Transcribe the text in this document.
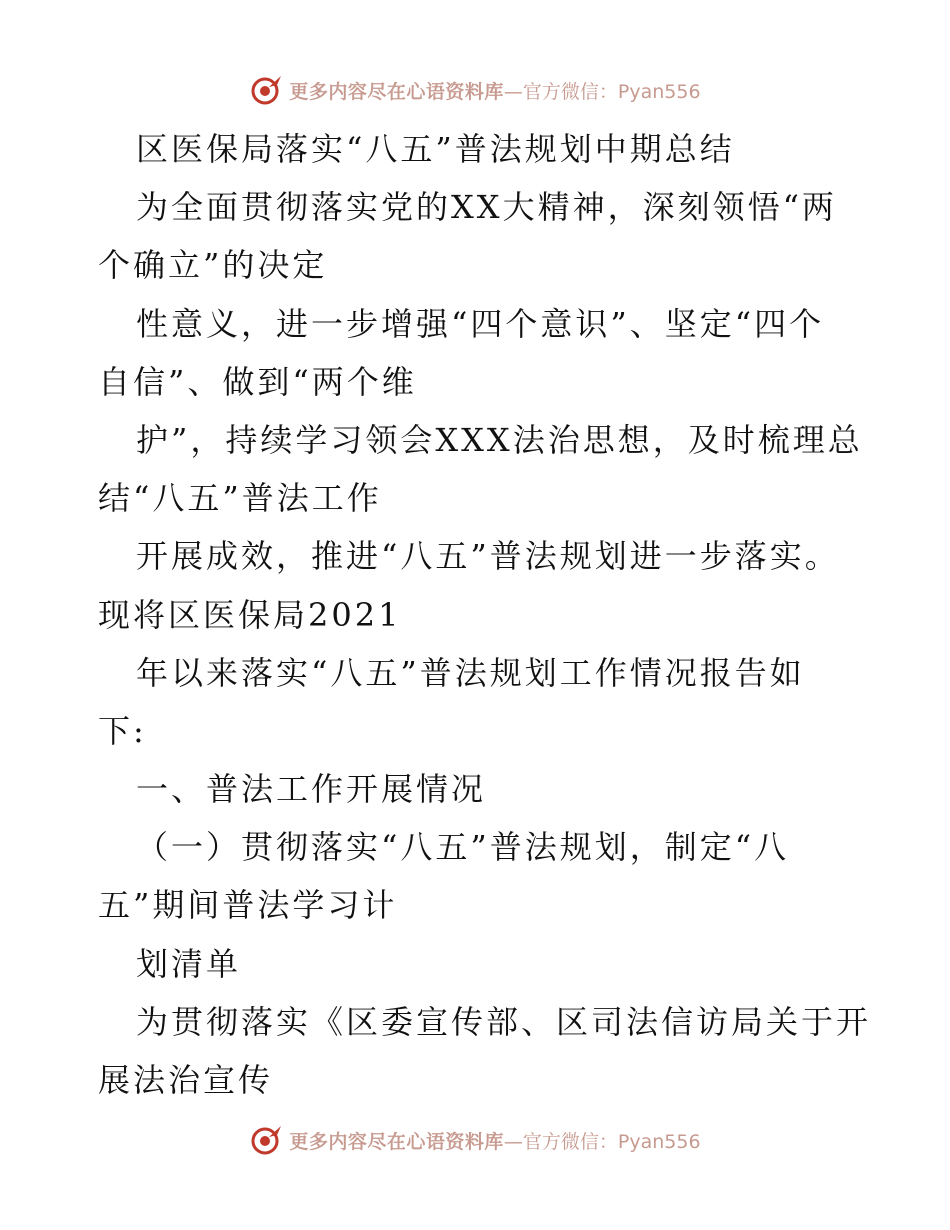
更多内容尽在心语资料库 —官方微信：Pyan556
区医保局落实“八五”普法规划中期总结
为全面贯彻落实党的XX大精神，深刻领悟“两
个确立”的决定
性意义，进一步增强“四个意识”、坚定“四个
自信”、做到“两个维
护”，持续学习领会XXX法治思想，及时梳理总
结“八五”普法工作
开展成效，推进“八五”普法规划进一步落实。
现将区医保局2021
年以来落实“八五”普法规划工作情况报告如
下:
一、普法工作开展情况
（一）贯彻落实“八五”普法规划，制定“八
五”期间普法学习计
划清单
为贯彻落实《区委宣传部、区司法信访局关于开
展法治宣传
更多内容尽在心语资料库 —官方微信：Pyan556
